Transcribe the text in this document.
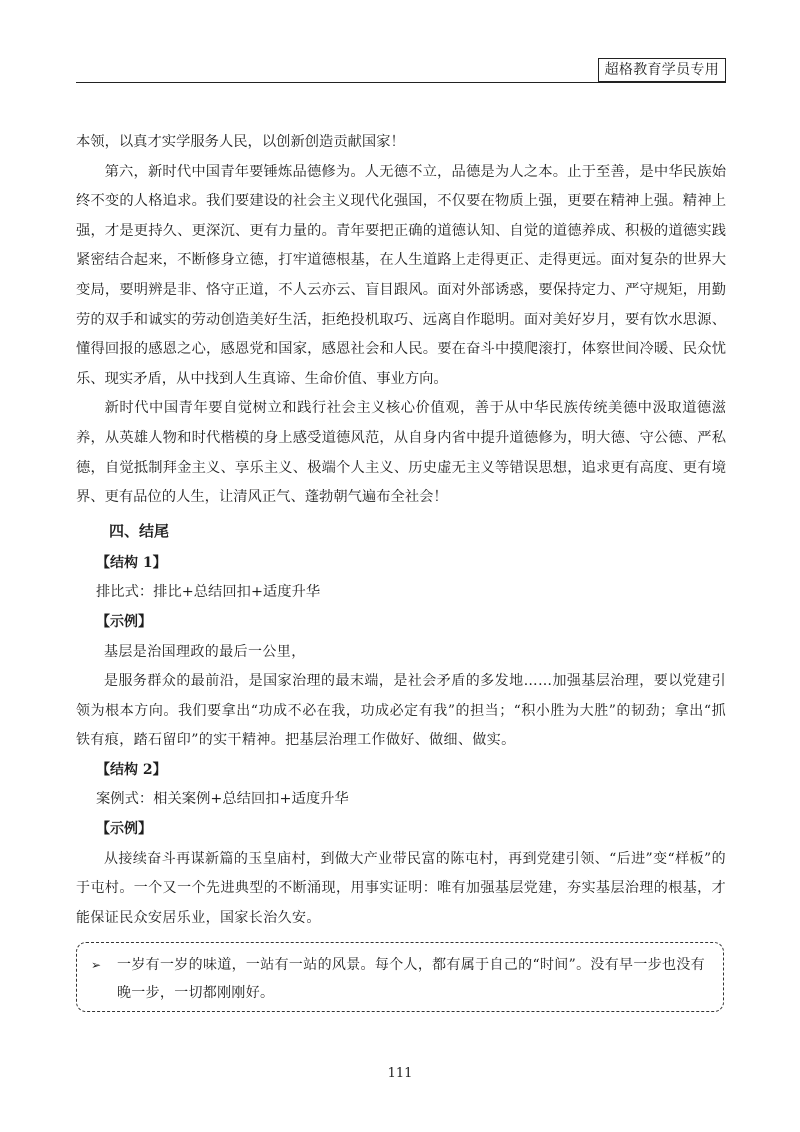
超格教育学员专用

本领，以真才实学服务人民，以创新创造贡献国家！

第六，新时代中国青年要锤炼品德修为。人无德不立，品德是为人之本。止于至善，是中华民族始终不变的人格追求。我们要建设的社会主义现代化强国，不仅要在物质上强，更要在精神上强。精神上强，才是更持久、更深沉、更有力量的。青年要把正确的道德认知、自觉的道德养成、积极的道德实践紧密结合起来，不断修身立德，打牢道德根基，在人生道路上走得更正、走得更远。面对复杂的世界大变局，要明辨是非、恪守正道，不人云亦云、盲目跟风。面对外部诱惑，要保持定力、严守规矩，用勤劳的双手和诚实的劳动创造美好生活，拒绝投机取巧、远离自作聪明。面对美好岁月，要有饮水思源、懂得回报的感恩之心，感恩党和国家，感恩社会和人民。要在奋斗中摸爬滚打，体察世间冷暖、民众忧乐、现实矛盾，从中找到人生真谛、生命价值、事业方向。

新时代中国青年要自觉树立和践行社会主义核心价值观，善于从中华民族传统美德中汲取道德滋养，从英雄人物和时代楷模的身上感受道德风范，从自身内省中提升道德修为，明大德、守公德、严私德，自觉抵制拜金主义、享乐主义、极端个人主义、历史虚无主义等错误思想，追求更有高度、更有境界、更有品位的人生，让清风正气、蓬勃朝气遍布全社会！

四、结尾

【结构 1】

排比式：排比+总结回扣+适度升华

【示例】

基层是治国理政的最后一公里，

是服务群众的最前沿，是国家治理的最末端，是社会矛盾的多发地……加强基层治理，要以党建引领为根本方向。我们要拿出“功成不必在我，功成必定有我”的担当；“积小胜为大胜”的韧劲；拿出“抓铁有痕，踏石留印”的实干精神。把基层治理工作做好、做细、做实。

【结构 2】

案例式：相关案例+总结回扣+适度升华

【示例】

从接续奋斗再谋新篇的玉皇庙村，到做大产业带民富的陈屯村，再到党建引领、“后进”变“样板”的于屯村。一个又一个先进典型的不断涌现，用事实证明：唯有加强基层党建，夯实基层治理的根基，才能保证民众安居乐业，国家长治久安。

➢	一岁有一岁的味道，一站有一站的风景。每个人，都有属于自己的“时间”。没有早一步也没有晚一步，一切都刚刚好。

111
